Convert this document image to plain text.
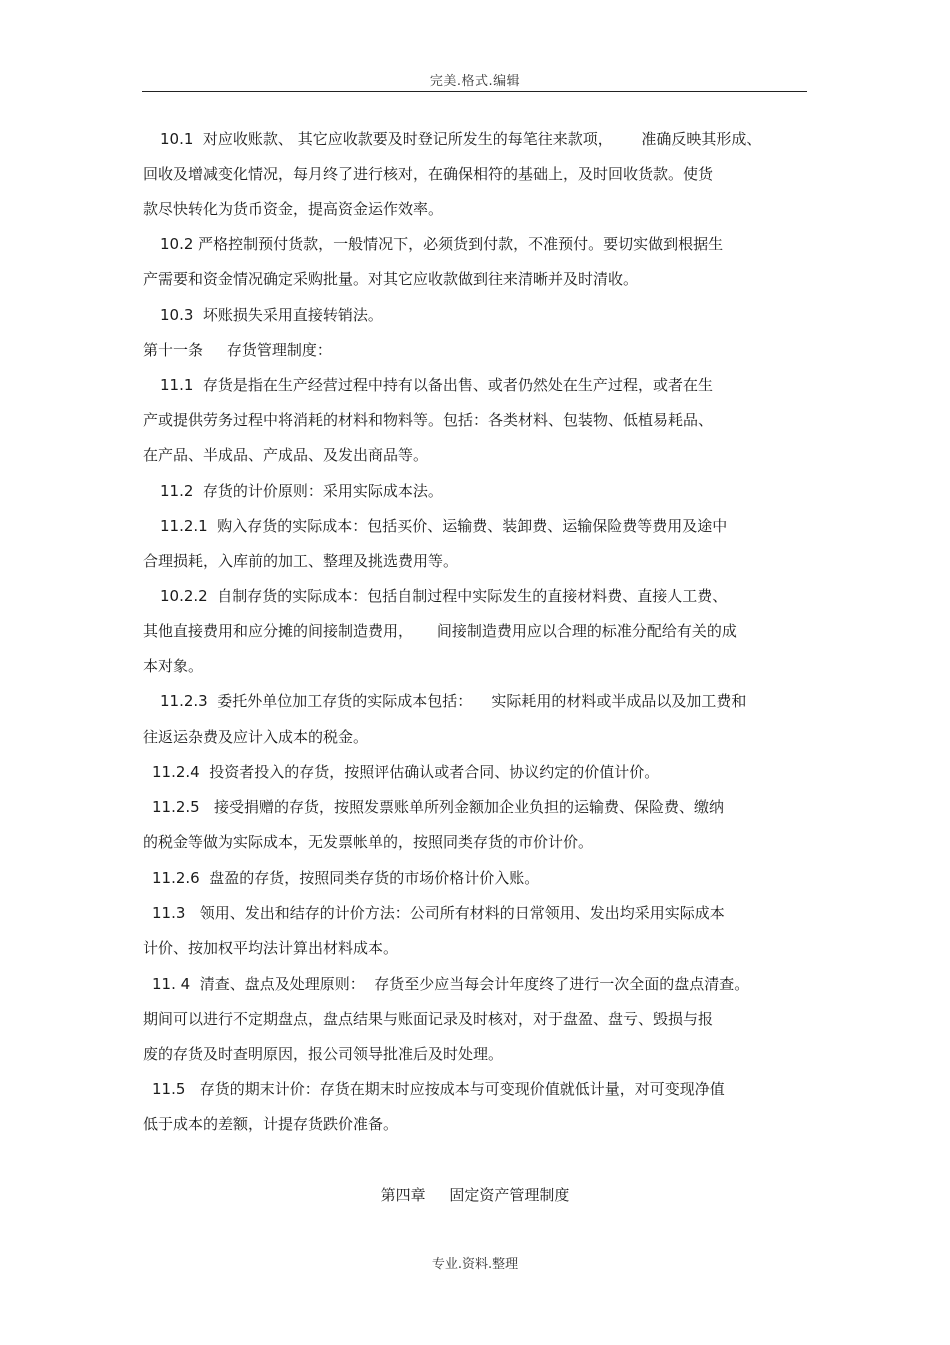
完美.格式.编辑
10.1  对应收账款、 其它应收款要及时登记所发生的每笔往来款项，      准确反映其形成、
回收及增减变化情况，每月终了进行核对，在确保相符的基础上，及时回收货款。使货
款尽快转化为货币资金，提高资金运作效率。
10.2 严格控制预付货款，一般情况下，必须货到付款，不准预付。要切实做到根据生
产需要和资金情况确定采购批量。对其它应收款做到往来清晰并及时清收。
10.3  坏账损失采用直接转销法。
第十一条     存货管理制度：
11.1  存货是指在生产经营过程中持有以备出售、或者仍然处在生产过程，或者在生
产或提供劳务过程中将消耗的材料和物料等。包括：各类材料、包装物、低植易耗品、
在产品、半成品、产成品、及发出商品等。
11.2  存货的计价原则：采用实际成本法。
11.2.1  购入存货的实际成本：包括买价、运输费、装卸费、运输保险费等费用及途中
合理损耗，入库前的加工、整理及挑选费用等。
10.2.2  自制存货的实际成本：包括自制过程中实际发生的直接材料费、直接人工费、
其他直接费用和应分摊的间接制造费用，     间接制造费用应以合理的标准分配给有关的成
本对象。
11.2.3  委托外单位加工存货的实际成本包括：    实际耗用的材料或半成品以及加工费和
往返运杂费及应计入成本的税金。
11.2.4  投资者投入的存货，按照评估确认或者合同、协议约定的价值计价。
11.2.5   接受捐赠的存货，按照发票账单所列金额加企业负担的运输费、保险费、缴纳
的税金等做为实际成本，无发票帐单的，按照同类存货的市价计价。
11.2.6  盘盈的存货，按照同类存货的市场价格计价入账。
11.3   领用、发出和结存的计价方法：公司所有材料的日常领用、发出均采用实际成本
计价、按加权平均法计算出材料成本。
11. 4  清查、盘点及处理原则：  存货至少应当每会计年度终了进行一次全面的盘点清查。
期间可以进行不定期盘点，盘点结果与账面记录及时核对，对于盘盈、盘亏、毁损与报
废的存货及时查明原因，报公司领导批准后及时处理。
11.5   存货的期末计价：存货在期末时应按成本与可变现价值就低计量，对可变现净值
低于成本的差额，计提存货跌价准备。
第四章     固定资产管理制度
专业.资料.整理
